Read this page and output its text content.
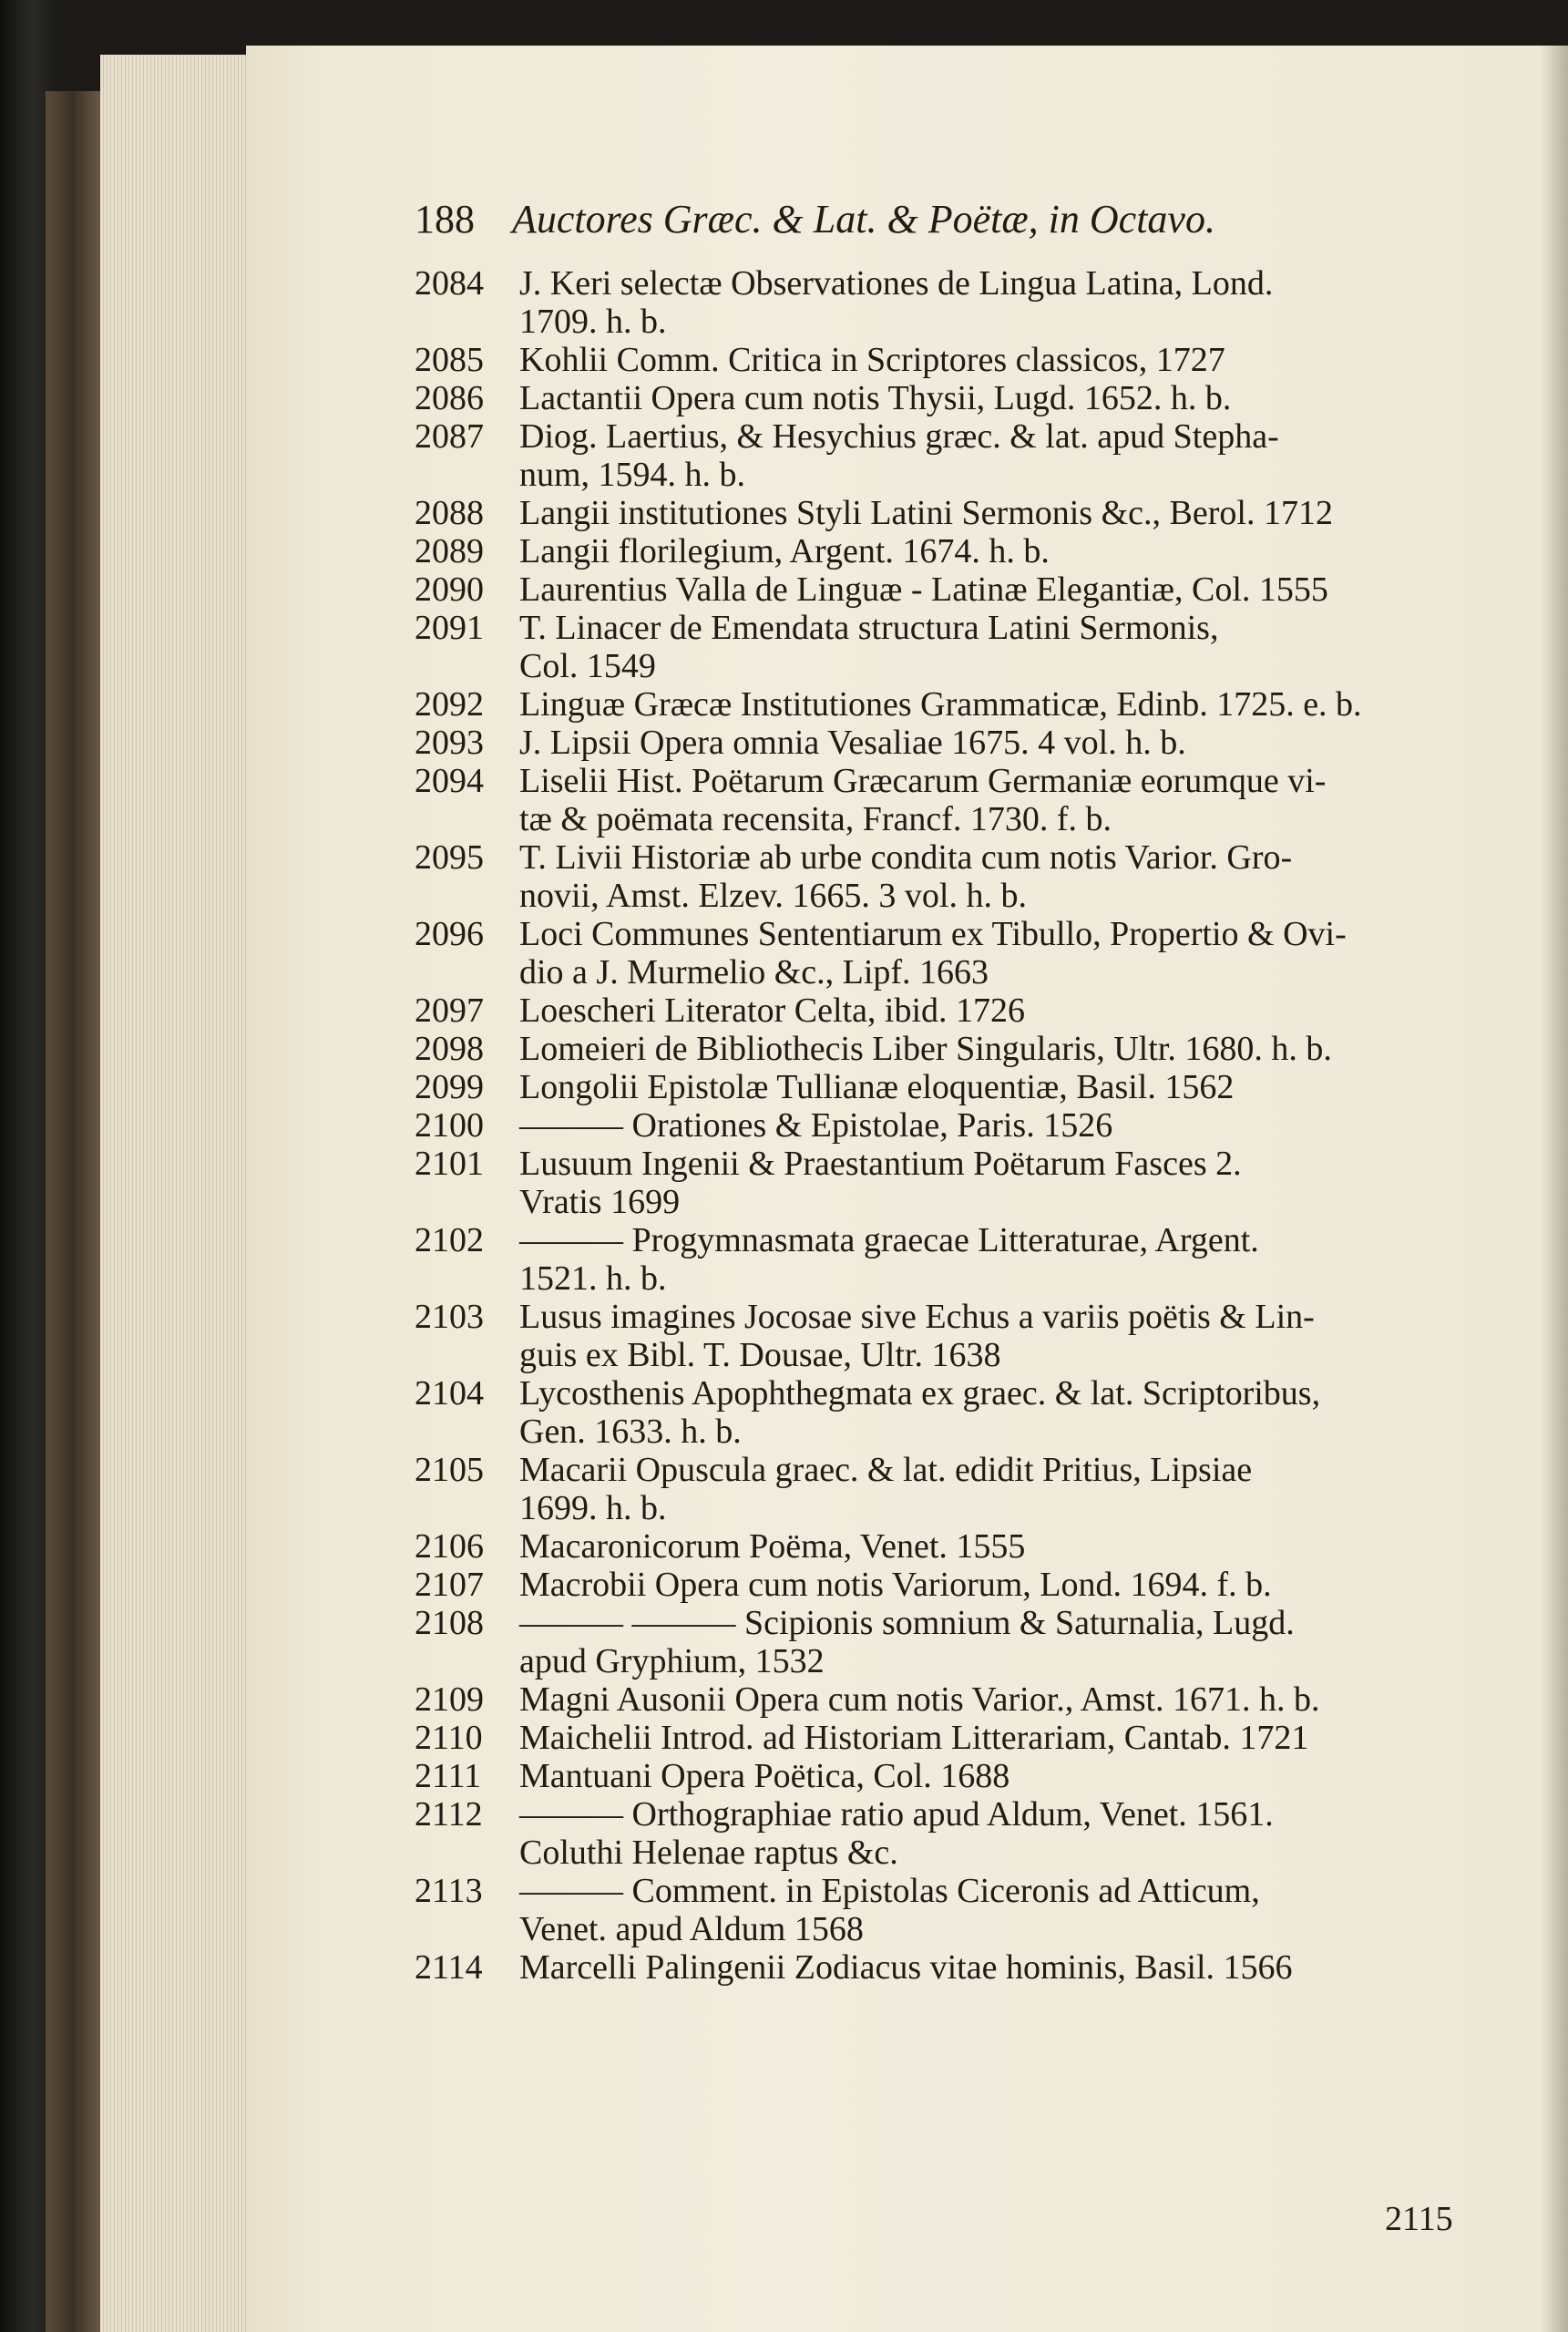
188 Auctores Græc. & Lat. & Poëtæ, in Octavo.
2084	J. Keri selectæ Observationes de Lingua Latina, Lond.
1709. h. b.
2085	Kohlii Comm. Critica in Scriptores classicos, 1727
2086	Lactantii Opera cum notis Thysii, Lugd. 1652. h. b.
2087	Diog. Laertius, & Hesychius græc. & lat. apud Stepha-
num, 1594. h. b.
2088	Langii institutiones Styli Latini Sermonis &c., Berol. 1712
2089	Langii florilegium, Argent. 1674. h. b.
2090	Laurentius Valla de Linguæ - Latinæ Elegantiæ, Col. 1555
2091	T. Linacer de Emendata structura Latini Sermonis,
Col. 1549
2092	Linguæ Græcæ Institutiones Grammaticæ, Edinb. 1725. e. b.
2093	J. Lipsii Opera omnia Vesaliae 1675. 4 vol. h. b.
2094	Liselii Hist. Poëtarum Græcarum Germaniæ eorumque vi-
tæ & poëmata recensita, Francf. 1730. f. b.
2095	T. Livii Historiæ ab urbe condita cum notis Varior. Gro-
novii, Amst. Elzev. 1665. 3 vol. h. b.
2096	Loci Communes Sententiarum ex Tibullo, Propertio & Ovi-
dio a J. Murmelio &c., Lipf. 1663
2097	Loescheri Literator Celta, ibid. 1726
2098	Lomeieri de Bibliothecis Liber Singularis, Ultr. 1680. h. b.
2099	Longolii Epistolæ Tullianæ eloquentiæ, Basil. 1562
2100	——— Orationes & Epistolae, Paris. 1526
2101	Lusuum Ingenii & Praestantium Poëtarum Fasces 2.
Vratis 1699
2102	——— Progymnasmata graecae Litteraturae, Argent.
1521. h. b.
2103	Lusus imagines Jocosae sive Echus a variis poëtis & Lin-
guis ex Bibl. T. Dousae, Ultr. 1638
2104	Lycosthenis Apophthegmata ex graec. & lat. Scriptoribus,
Gen. 1633. h. b.
2105	Macarii Opuscula graec. & lat. edidit Pritius, Lipsiae
1699. h. b.
2106	Macaronicorum Poëma, Venet. 1555
2107	Macrobii Opera cum notis Variorum, Lond. 1694. f. b.
2108	——— ——— Scipionis somnium & Saturnalia, Lugd.
apud Gryphium, 1532
2109	Magni Ausonii Opera cum notis Varior., Amst. 1671. h. b.
2110	Maichelii Introd. ad Historiam Litterariam, Cantab. 1721
2111	Mantuani Opera Poëtica, Col. 1688
2112	——— Orthographiae ratio apud Aldum, Venet. 1561.
Coluthi Helenae raptus &c.
2113	——— Comment. in Epistolas Ciceronis ad Atticum,
Venet. apud Aldum 1568
2114	Marcelli Palingenii Zodiacus vitae hominis, Basil. 1566
2115
